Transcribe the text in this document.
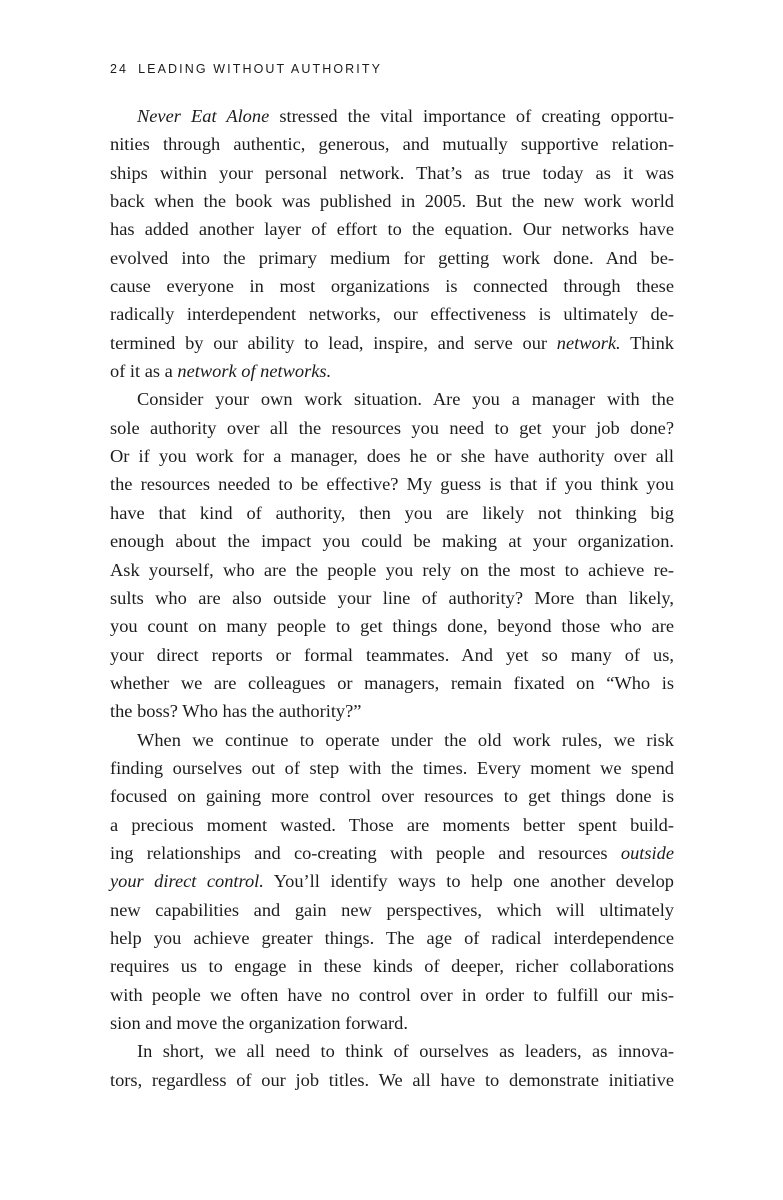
24 LEADING WITHOUT AUTHORITY
Never Eat Alone stressed the vital importance of creating opportu-
nities through authentic, generous, and mutually supportive relation-
ships within your personal network. That’s as true today as it was
back when the book was published in 2005. But the new work world
has added another layer of effort to the equation. Our networks have
evolved into the primary medium for getting work done. And be-
cause everyone in most organizations is connected through these
radically interdependent networks, our effectiveness is ultimately de-
termined by our ability to lead, inspire, and serve our network. Think
of it as a network of networks.
Consider your own work situation. Are you a manager with the
sole authority over all the resources you need to get your job done?
Or if you work for a manager, does he or she have authority over all
the resources needed to be effective? My guess is that if you think you
have that kind of authority, then you are likely not thinking big
enough about the impact you could be making at your organization.
Ask yourself, who are the people you rely on the most to achieve re-
sults who are also outside your line of authority? More than likely,
you count on many people to get things done, beyond those who are
your direct reports or formal teammates. And yet so many of us,
whether we are colleagues or managers, remain fixated on “Who is
the boss? Who has the authority?”
When we continue to operate under the old work rules, we risk
finding ourselves out of step with the times. Every moment we spend
focused on gaining more control over resources to get things done is
a precious moment wasted. Those are moments better spent build-
ing relationships and co-creating with people and resources outside
your direct control. You’ll identify ways to help one another develop
new capabilities and gain new perspectives, which will ultimately
help you achieve greater things. The age of radical interdependence
requires us to engage in these kinds of deeper, richer collaborations
with people we often have no control over in order to fulfill our mis-
sion and move the organization forward.
In short, we all need to think of ourselves as leaders, as innova-
tors, regardless of our job titles. We all have to demonstrate initiative
